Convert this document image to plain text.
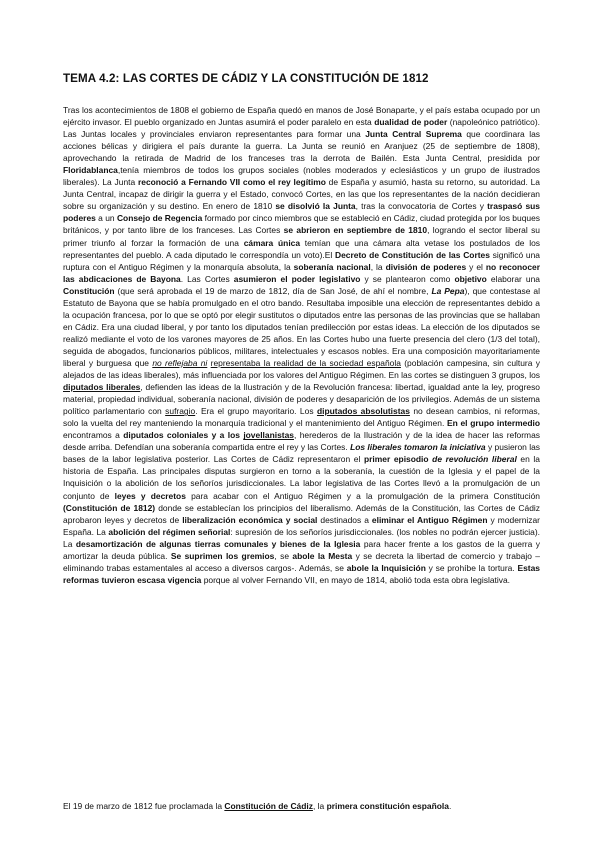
TEMA 4.2: LAS CORTES DE CÁDIZ Y LA CONSTITUCIÓN DE 1812
Tras los acontecimientos de 1808 el gobierno de España quedó en manos de José Bonaparte, y el país estaba ocupado por un ejército invasor. El pueblo organizado en Juntas asumirá el poder paralelo en esta dualidad de poder (napoleónico patriótico). Las Juntas locales y provinciales enviaron representantes para formar una Junta Central Suprema que coordinara las acciones bélicas y dirigiera el país durante la guerra. La Junta se reunió en Aranjuez (25 de septiembre de 1808), aprovechando la retirada de Madrid de los franceses tras la derrota de Bailén. Esta Junta Central, presidida por Floridablanca,tenía miembros de todos los grupos sociales (nobles moderados y eclesiásticos y un grupo de ilustrados liberales). La Junta reconoció a Fernando VII como el rey legítimo de España y asumió, hasta su retorno, su autoridad. La Junta Central, incapaz de dirigir la guerra y el Estado, convocó Cortes, en las que los representantes de la nación decidieran sobre su organización y su destino. En enero de 1810 se disolvió la Junta, tras la convocatoria de Cortes y traspasó sus poderes a un Consejo de Regencia formado por cinco miembros que se estableció en Cádiz, ciudad protegida por los buques británicos, y por tanto libre de los franceses. Las Cortes se abrieron en septiembre de 1810, logrando el sector liberal su primer triunfo al forzar la formación de una cámara única temían que una cámara alta vetase los postulados de los representantes del pueblo. A cada diputado le correspondía un voto).El Decreto de Constitución de las Cortes significó una ruptura con el Antiguo Régimen y la monarquía absoluta, la soberanía nacional, la división de poderes y el no reconocer las abdicaciones de Bayona. Las Cortes asumieron el poder legislativo y se plantearon como objetivo elaborar una Constitución (que será aprobada el 19 de marzo de 1812, día de San José, de ahí el nombre, La Pepa), que contestase al Estatuto de Bayona que se había promulgado en el otro bando. Resultaba imposible una elección de representantes debido a la ocupación francesa, por lo que se optó por elegir sustitutos o diputados entre las personas de las provincias que se hallaban en Cádiz. Era una ciudad liberal, y por tanto los diputados tenían predilección por estas ideas. La elección de los diputados se realizó mediante el voto de los varones mayores de 25 años. En las Cortes hubo una fuerte presencia del clero (1/3 del total), seguida de abogados, funcionarios públicos, militares, intelectuales y escasos nobles. Era una composición mayoritariamente liberal y burguesa que no reflejaba ni representaba la realidad de la sociedad española (población campesina, sin cultura y alejados de las ideas liberales), más influenciada por los valores del Antiguo Régimen. En las cortes se distinguen 3 grupos, los diputados liberales, defienden las ideas de la Ilustración y de la Revolución francesa: libertad, igualdad ante la ley, progreso material, propiedad individual, soberanía nacional, división de poderes y desaparición de los privilegios. Además de un sistema político parlamentario con sufragio. Era el grupo mayoritario. Los diputados absolutistas no desean cambios, ni reformas, solo la vuelta del rey manteniendo la monarquía tradicional y el mantenimiento del Antiguo Régimen. En el grupo intermedio encontramos a diputados coloniales y a los jovellanistas, herederos de la Ilustración y de la idea de hacer las reformas desde arriba. Defendían una soberanía compartida entre el rey y las Cortes. Los liberales tomaron la iniciativa y pusieron las bases de la labor legislativa posterior. Las Cortes de Cádiz representaron el primer episodio de revolución liberal en la historia de España. Las principales disputas surgieron en torno a la soberanía, la cuestión de la Iglesia y el papel de la Inquisición o la abolición de los señoríos jurisdiccionales. La labor legislativa de las Cortes llevó a la promulgación de un conjunto de leyes y decretos para acabar con el Antiguo Régimen y a la promulgación de la primera Constitución (Constitución de 1812) donde se establecían los principios del liberalismo. Además de la Constitución, las Cortes de Cádiz aprobaron leyes y decretos de liberalización económica y social destinados a eliminar el Antiguo Régimen y modernizar España. La abolición del régimen señorial: supresión de los señoríos jurisdiccionales. (los nobles no podrán ejercer justicia). La desamortización de algunas tierras comunales y bienes de la Iglesia para hacer frente a los gastos de la guerra y amortizar la deuda pública. Se suprimen los gremios, se abole la Mesta y se decreta la libertad de comercio y trabajo –eliminando trabas estamentales al acceso a diversos cargos-. Además, se abole la Inquisición y se prohíbe la tortura. Estas reformas tuvieron escasa vigencia porque al volver Fernando VII, en mayo de 1814, abolió toda esta obra legislativa.
El 19 de marzo de 1812 fue proclamada la Constitución de Cádiz, la primera constitución española.
